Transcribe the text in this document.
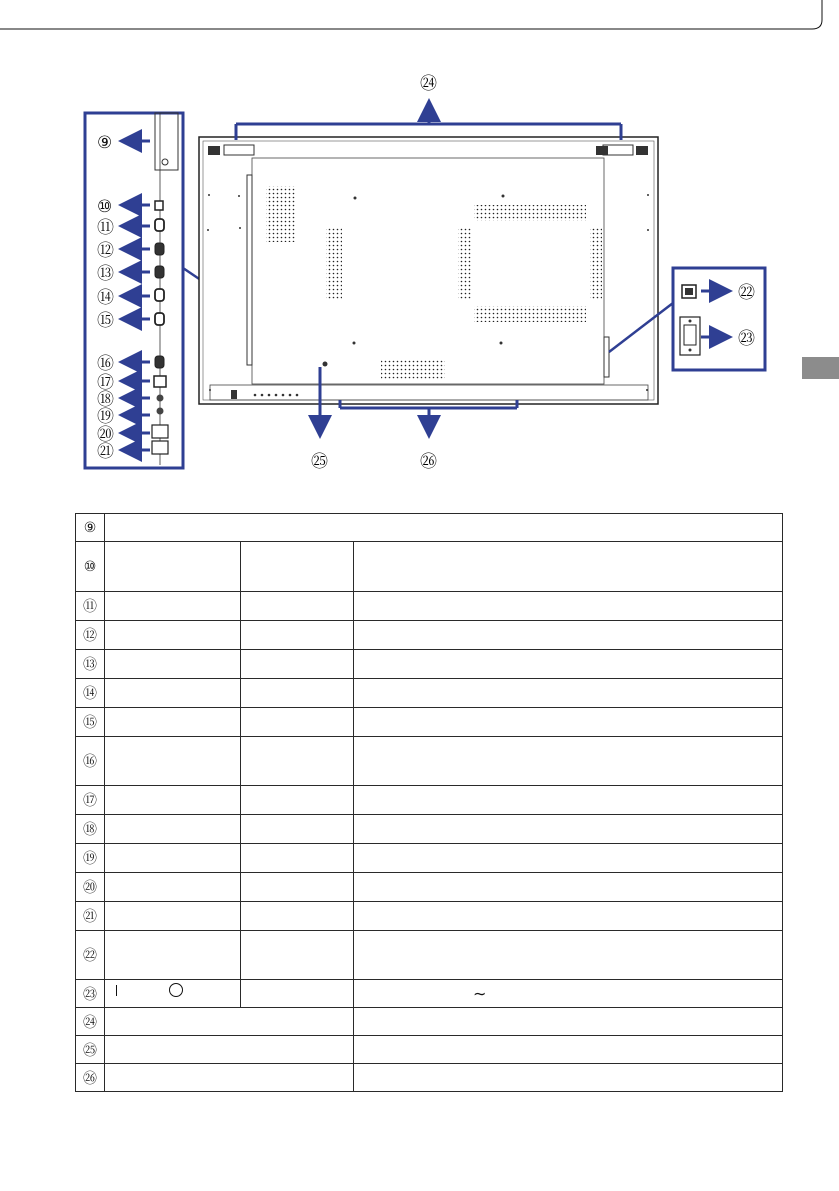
⑨
⑩
⑪
⑫
⑬
⑭
⑮
⑯
⑰
⑱
⑲
⑳
㉑
㉔
㉕	㉖
㉒
㉓
⑨			
⑩			
⑪			
⑫			
⑬			
⑭			
⑮			
⑯			
⑰			
⑱			
⑲			
⑳			
㉑			
㉒	

㉓			∼
㉔			
㉕			
㉖			
